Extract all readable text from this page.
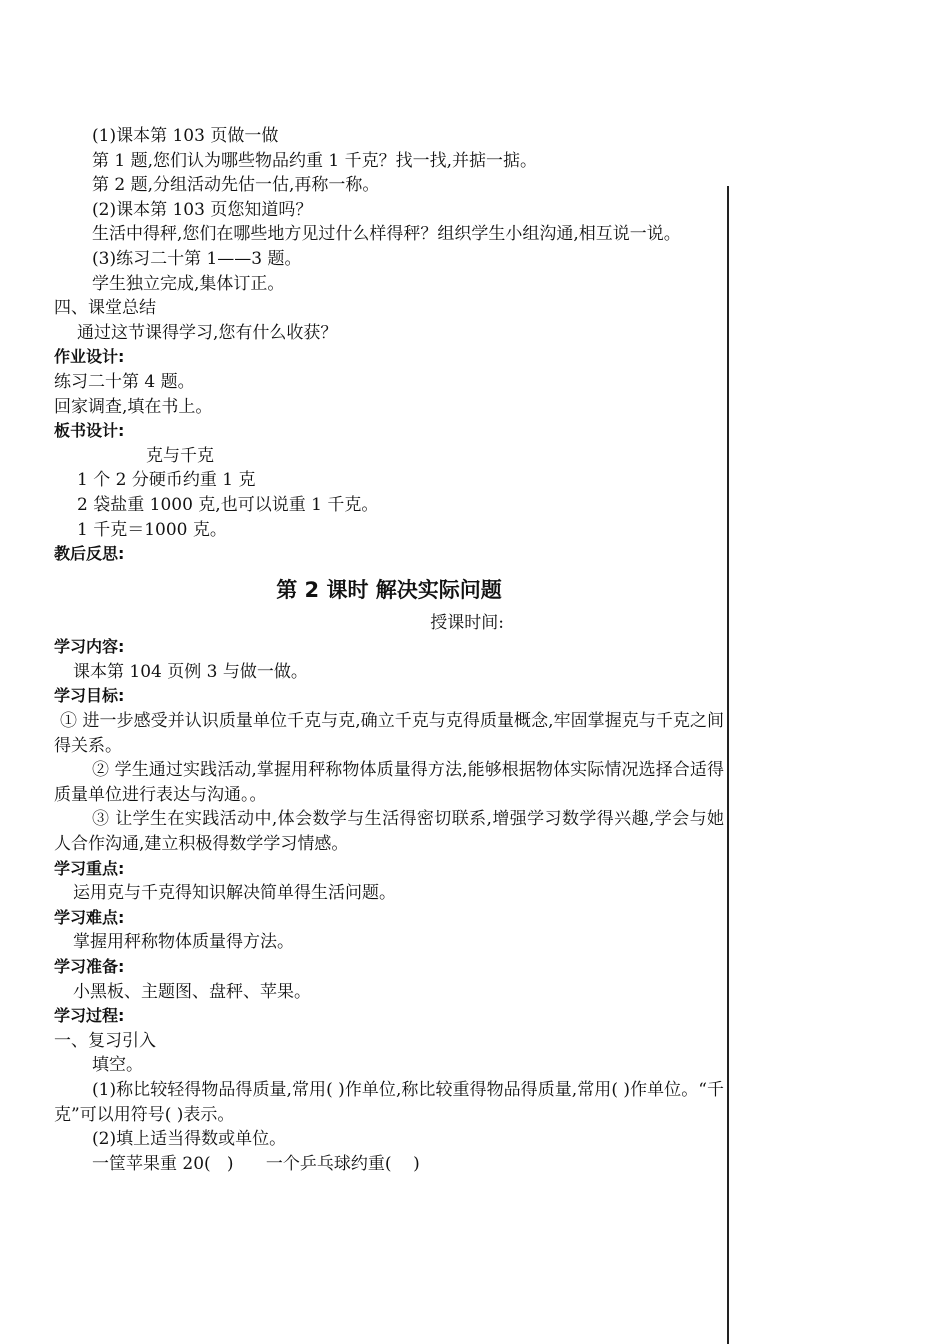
(1)课本第 103 页做一做

第 1 题,您们认为哪些物品约重 1 千克？找一找,并掂一掂。

第 2 题,分组活动先估一估,再称一称。

(2)课本第 103 页您知道吗？

生活中得秤,您们在哪些地方见过什么样得秤？组织学生小组沟通,相互说一说。

(3)练习二十第 1——3 题。

学生独立完成,集体订正。

四、课堂总结

通过这节课得学习,您有什么收获？

作业设计:

练习二十第 4 题。

回家调查,填在书上。

板书设计:

克与千克

1 个 2 分硬币约重 1 克

2 袋盐重 1000 克,也可以说重 1 千克。

1 千克＝1000 克。

教后反思:

第 2 课时 解决实际问题

授课时间:

学习内容:

课本第 104 页例 3 与做一做。

学习目标:

① 进一步感受并认识质量单位千克与克,确立千克与克得质量概念,牢固掌握克与千克之间得关系。

② 学生通过实践活动,掌握用秤称物体质量得方法,能够根据物体实际情况选择合适得质量单位进行表达与沟通。。

③ 让学生在实践活动中,体会数学与生活得密切联系,增强学习数学得兴趣,学会与她人合作沟通,建立积极得数学学习情感。

学习重点:

运用克与千克得知识解决简单得生活问题。

学习难点:

掌握用秤称物体质量得方法。

学习准备:

小黑板、主题图、盘秤、苹果。

学习过程:

一、复习引入

填空。

(1)称比较轻得物品得质量,常用( )作单位,称比较重得物品得质量,常用( )作单位。“千克”可以用符号( )表示。

(2)填上适当得数或单位。

一筐苹果重 20(   )      一个乒乓球约重(    )
